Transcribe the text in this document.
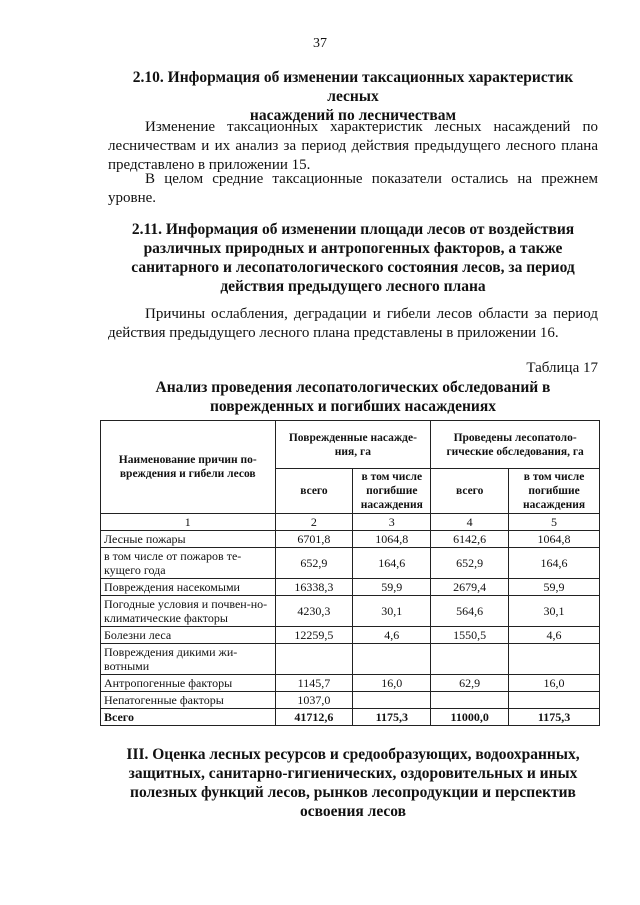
37
2.10. Информация об изменении таксационных характеристик лесных
насаждений по лесничествам
Изменение таксационных характеристик лесных насаждений по
лесничествам и их анализ за период действия предыдущего лесного плана
представлено в приложении 15.
В целом средние таксационные показатели остались на прежнем
уровне.
2.11. Информация об изменении площади лесов от воздействия
различных природных и антропогенных факторов, а также
санитарного и лесопатологического состояния лесов, за период
действия предыдущего лесного плана
Причины ослабления, деградации и гибели лесов области за период
действия предыдущего лесного плана представлены в приложении 16.
Таблица 17
Анализ проведения лесопатологических обследований в
поврежденных и погибших насаждениях
Наименование причин по-вреждения и гибели лесов	Поврежденные насажде-ния, га		Проведены лесопатоло-гические обследования, га	
	всего	в том числе погибшие насаждения	всего	в том числе погибшие насаждения
1	2	3	4	5
Лесные пожары	6701,8	1064,8	6142,6	1064,8
в том числе от пожаров те-кущего года	652,9	164,6	652,9	164,6
Повреждения насекомыми	16338,3	59,9	2679,4	59,9
Погодные условия и почвен-но-климатические факторы	4230,3	30,1	564,6	30,1
Болезни леса	12259,5	4,6	1550,5	4,6
Повреждения дикими жи-вотными				
Антропогенные факторы	1145,7	16,0	62,9	16,0
Непатогенные факторы	1037,0			
Всего	41712,6	1175,3	11000,0	1175,3
III. Оценка лесных ресурсов и средообразующих, водоохранных,
защитных, санитарно-гигиенических, оздоровительных и иных
полезных функций лесов, рынков лесопродукции и перспектив
освоения лесов
